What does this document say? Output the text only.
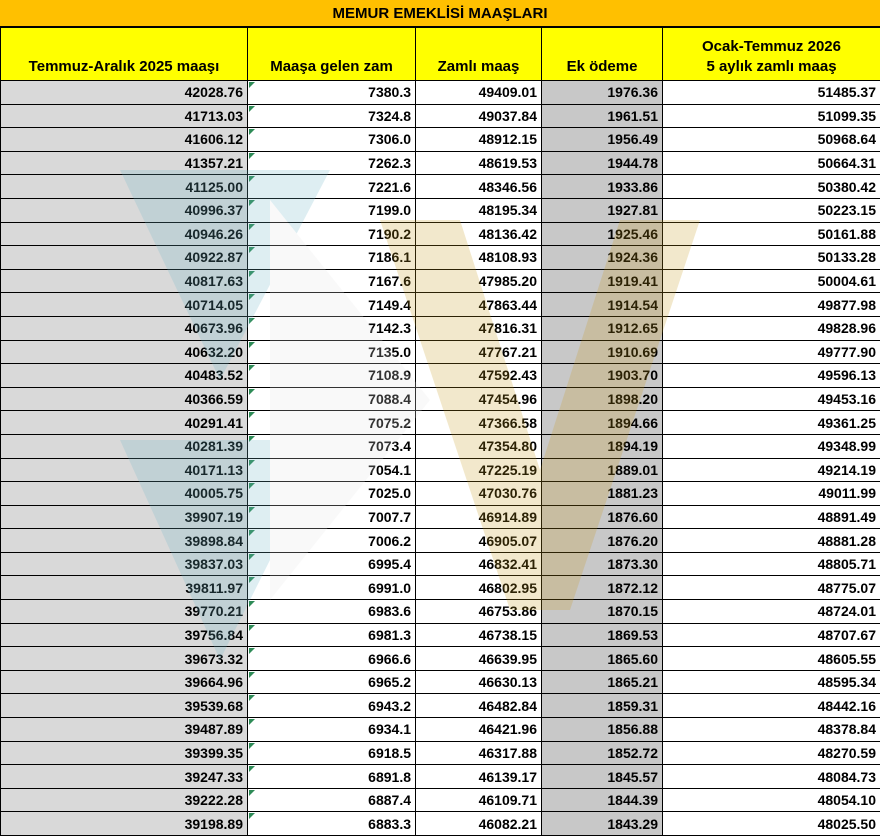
MEMUR EMEKLİSİ MAAŞLARI
Temmuz-Aralık 2025 maaşı	Maaşa gelen zam	Zamlı maaş	Ek ödeme	Ocak-Temmuz 2026
5 aylık zamlı maaş

42028.76	7380.3	49409.01	1976.36	51485.37
41713.03	7324.8	49037.84	1961.51	51099.35
41606.12	7306.0	48912.15	1956.49	50968.64
41357.21	7262.3	48619.53	1944.78	50664.31
41125.00	7221.6	48346.56	1933.86	50380.42
40996.37	7199.0	48195.34	1927.81	50223.15
40946.26	7190.2	48136.42	1925.46	50161.88
40922.87	7186.1	48108.93	1924.36	50133.28
40817.63	7167.6	47985.20	1919.41	50004.61
40714.05	7149.4	47863.44	1914.54	49877.98
40673.96	7142.3	47816.31	1912.65	49828.96
40632.20	7135.0	47767.21	1910.69	49777.90
40483.52	7108.9	47592.43	1903.70	49596.13
40366.59	7088.4	47454.96	1898.20	49453.16
40291.41	7075.2	47366.58	1894.66	49361.25
40281.39	7073.4	47354.80	1894.19	49348.99
40171.13	7054.1	47225.19	1889.01	49214.19
40005.75	7025.0	47030.76	1881.23	49011.99
39907.19	7007.7	46914.89	1876.60	48891.49
39898.84	7006.2	46905.07	1876.20	48881.28
39837.03	6995.4	46832.41	1873.30	48805.71
39811.97	6991.0	46802.95	1872.12	48775.07
39770.21	6983.6	46753.86	1870.15	48724.01
39756.84	6981.3	46738.15	1869.53	48707.67
39673.32	6966.6	46639.95	1865.60	48605.55
39664.96	6965.2	46630.13	1865.21	48595.34
39539.68	6943.2	46482.84	1859.31	48442.16
39487.89	6934.1	46421.96	1856.88	48378.84
39399.35	6918.5	46317.88	1852.72	48270.59
39247.33	6891.8	46139.17	1845.57	48084.73
39222.28	6887.4	46109.71	1844.39	48054.10
39198.89	6883.3	46082.21	1843.29	48025.50
